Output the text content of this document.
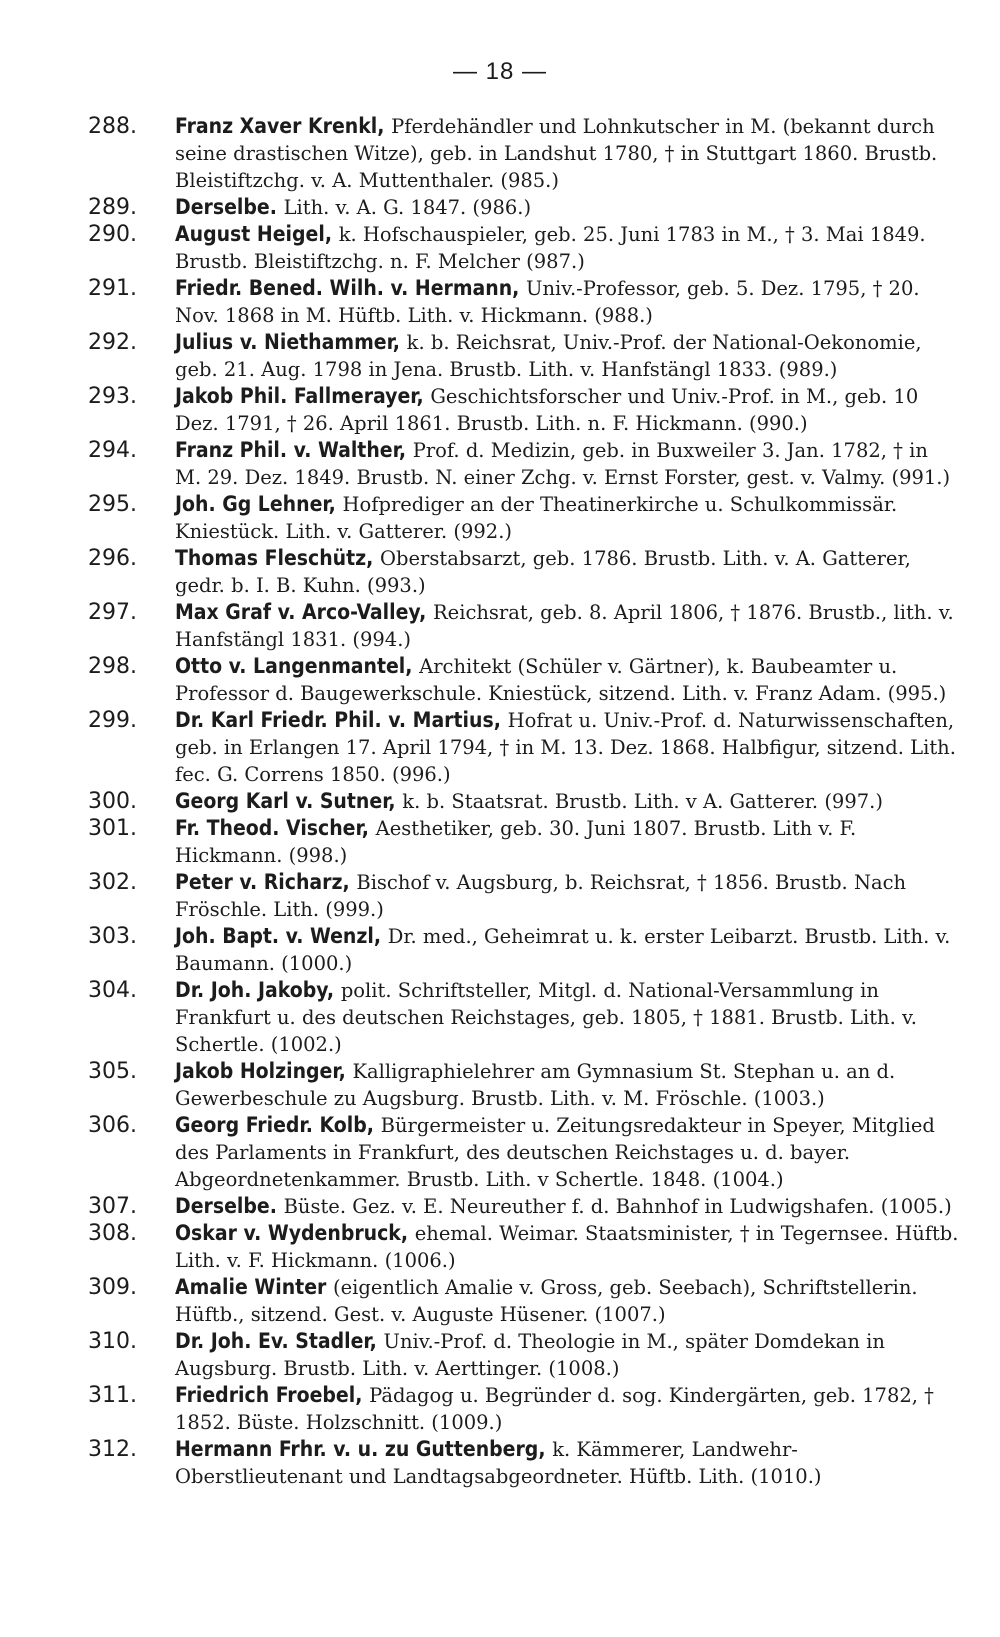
— 18 —
288.	Franz Xaver Krenkl, Pferdehändler und Lohnkutscher in M. (bekannt durch seine drastischen Witze), geb. in Landshut 1780, † in Stuttgart 1860. Brustb. Bleistiftzchg. v. A. Muttenthaler. (985.)
289.	Derselbe. Lith. v. A. G. 1847. (986.)
290.	August Heigel, k. Hofschauspieler, geb. 25. Juni 1783 in M., † 3. Mai 1849. Brustb. Bleistiftzchg. n. F. Melcher (987.)
291.	Friedr. Bened. Wilh. v. Hermann, Univ.-Professor, geb. 5. Dez. 1795, † 20. Nov. 1868 in M. Hüftb. Lith. v. Hickmann. (988.)
292.	Julius v. Niethammer, k. b. Reichsrat, Univ.-Prof. der National-Oekonomie, geb. 21. Aug. 1798 in Jena. Brustb. Lith. v. Hanfstängl 1833. (989.)
293.	Jakob Phil. Fallmerayer, Geschichtsforscher und Univ.-Prof. in M., geb. 10 Dez. 1791, † 26. April 1861. Brustb. Lith. n. F. Hickmann. (990.)
294.	Franz Phil. v. Walther, Prof. d. Medizin, geb. in Buxweiler 3. Jan. 1782, † in M. 29. Dez. 1849. Brustb. N. einer Zchg. v. Ernst Forster, gest. v. Valmy. (991.)
295.	Joh. Gg Lehner, Hofprediger an der Theatinerkirche u. Schulkommissär. Kniestück. Lith. v. Gatterer. (992.)
296.	Thomas Fleschütz, Oberstabsarzt, geb. 1786. Brustb. Lith. v. A. Gatterer, gedr. b. I. B. Kuhn. (993.)
297.	Max Graf v. Arco-Valley, Reichsrat, geb. 8. April 1806, † 1876. Brustb., lith. v. Hanfstängl 1831. (994.)
298.	Otto v. Langenmantel, Architekt (Schüler v. Gärtner), k. Baubeamter u. Professor d. Baugewerkschule. Kniestück, sitzend. Lith. v. Franz Adam. (995.)
299.	Dr. Karl Friedr. Phil. v. Martius, Hofrat u. Univ.-Prof. d. Naturwissenschaften, geb. in Erlangen 17. April 1794, † in M. 13. Dez. 1868. Halbfigur, sitzend. Lith. fec. G. Correns 1850. (996.)
300.	Georg Karl v. Sutner, k. b. Staatsrat. Brustb. Lith. v A. Gatterer. (997.)
301.	Fr. Theod. Vischer, Aesthetiker, geb. 30. Juni 1807. Brustb. Lith v. F. Hickmann. (998.)
302.	Peter v. Richarz, Bischof v. Augsburg, b. Reichsrat, † 1856. Brustb. Nach Fröschle. Lith. (999.)
303.	Joh. Bapt. v. Wenzl, Dr. med., Geheimrat u. k. erster Leibarzt. Brustb. Lith. v. Baumann. (1000.)
304.	Dr. Joh. Jakoby, polit. Schriftsteller, Mitgl. d. National-Versammlung in Frankfurt u. des deutschen Reichstages, geb. 1805, † 1881. Brustb. Lith. v. Schertle. (1002.)
305.	Jakob Holzinger, Kalligraphielehrer am Gymnasium St. Stephan u. an d. Gewerbeschule zu Augsburg. Brustb. Lith. v. M. Fröschle. (1003.)
306.	Georg Friedr. Kolb, Bürgermeister u. Zeitungsredakteur in Speyer, Mitglied des Parlaments in Frankfurt, des deutschen Reichstages u. d. bayer. Abgeordnetenkammer. Brustb. Lith. v Schertle. 1848. (1004.)
307.	Derselbe. Büste. Gez. v. E. Neureuther f. d. Bahnhof in Ludwigshafen. (1005.)
308.	Oskar v. Wydenbruck, ehemal. Weimar. Staatsminister, † in Tegernsee. Hüftb. Lith. v. F. Hickmann. (1006.)
309.	Amalie Winter (eigentlich Amalie v. Gross, geb. Seebach), Schriftstellerin. Hüftb., sitzend. Gest. v. Auguste Hüsener. (1007.)
310.	Dr. Joh. Ev. Stadler, Univ.-Prof. d. Theologie in M., später Domdekan in Augsburg. Brustb. Lith. v. Aerttinger. (1008.)
311.	Friedrich Froebel, Pädagog u. Begründer d. sog. Kindergärten, geb. 1782, † 1852. Büste. Holzschnitt. (1009.)
312.	Hermann Frhr. v. u. zu Guttenberg, k. Kämmerer, Landwehr-Oberstlieutenant und Landtagsabgeordneter. Hüftb. Lith. (1010.)
